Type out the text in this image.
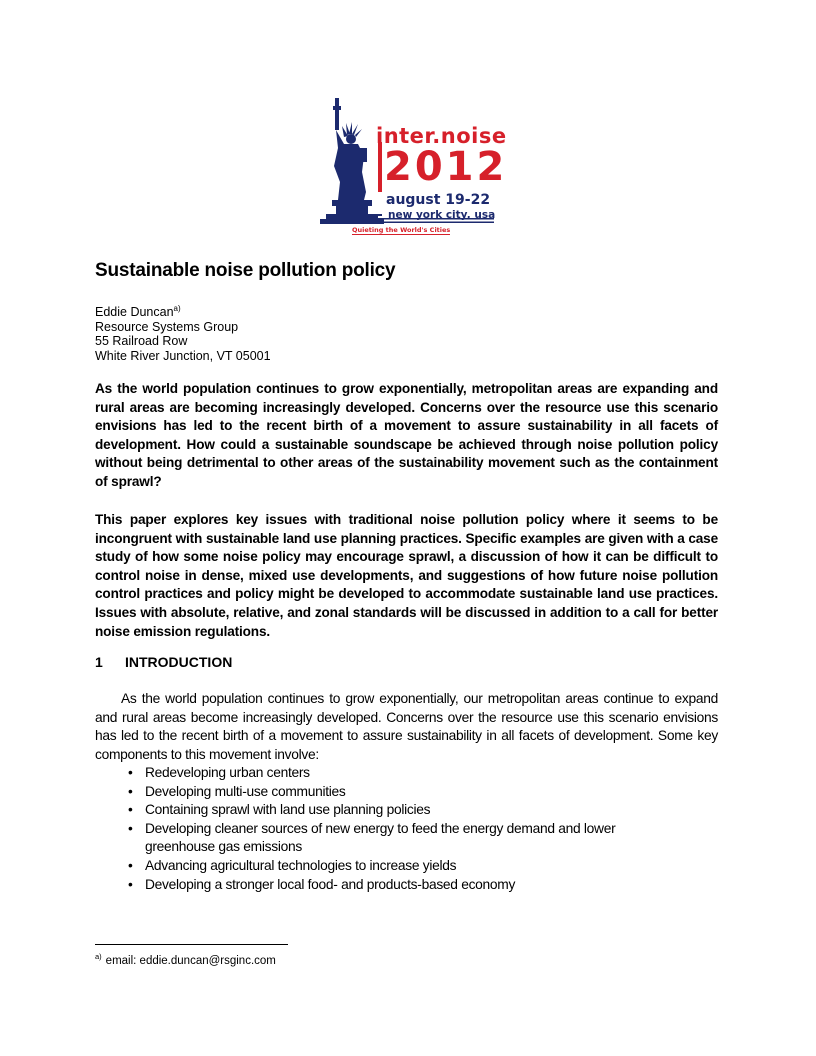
inter.noise
2012
august 19-22
new york city, usa
Quieting the World's Cities
Sustainable noise pollution policy
Eddie Duncan$^{a)}$
Resource Systems Group
55 Railroad Row
White River Junction, VT 05001
As the world population continues to grow exponentially, metropolitan areas are expanding and rural areas are becoming increasingly developed. Concerns over the resource use this scenario envisions has led to the recent birth of a movement to assure sustainability in all facets of development. How could a sustainable soundscape be achieved through noise pollution policy without being detrimental to other areas of the sustainability movement such as the containment of sprawl?
This paper explores key issues with traditional noise pollution policy where it seems to be incongruent with sustainable land use planning practices. Specific examples are given with a case study of how some noise policy may encourage sprawl, a discussion of how it can be difficult to control noise in dense, mixed use developments, and suggestions of how future noise pollution control practices and policy might be developed to accommodate sustainable land use practices. Issues with absolute, relative, and zonal standards will be discussed in addition to a call for better noise emission regulations.
1 INTRODUCTION
As the world population continues to grow exponentially, our metropolitan areas continue to expand and rural areas become increasingly developed. Concerns over the resource use this scenario envisions has led to the recent birth of a movement to assure sustainability in all facets of development. Some key components to this movement involve:
• Redeveloping urban centers
• Developing multi-use communities
• Containing sprawl with land use planning policies
• Developing cleaner sources of new energy to feed the energy demand and lower greenhouse gas emissions
• Advancing agricultural technologies to increase yields
• Developing a stronger local food- and products-based economy
$^{a)}$ email: eddie.duncan@rsginc.com
